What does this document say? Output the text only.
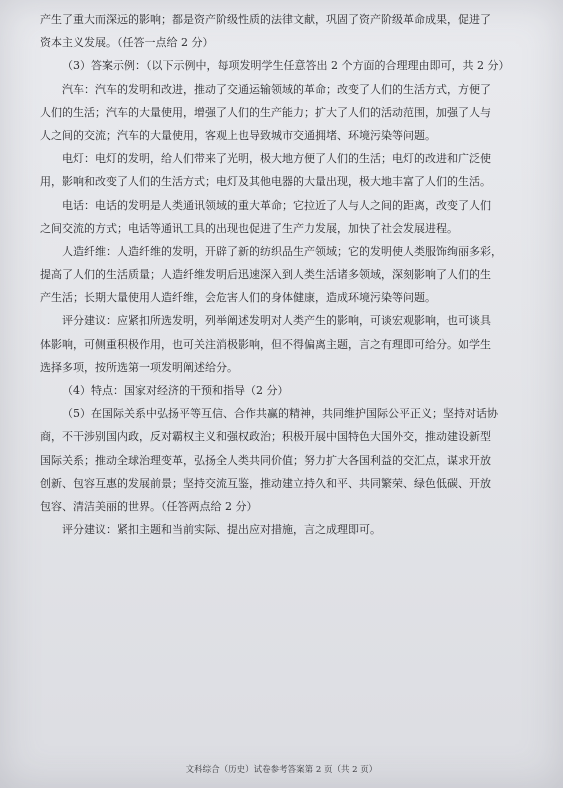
产生了重大而深远的影响；都是资产阶级性质的法律文献，巩固了资产阶级革命成果，促进了
资本主义发展。（任答一点给 2 分）
（3）答案示例：（以下示例中，每项发明学生任意答出 2 个方面的合理理由即可，共 2 分）
汽车：汽车的发明和改进，推动了交通运输领域的革命；改变了人们的生活方式，方便了
人们的生活；汽车的大量使用，增强了人们的生产能力；扩大了人们的活动范围，加强了人与
人之间的交流；汽车的大量使用，客观上也导致城市交通拥堵、环境污染等问题。
电灯：电灯的发明，给人们带来了光明，极大地方便了人们的生活；电灯的改进和广泛使
用，影响和改变了人们的生活方式；电灯及其他电器的大量出现，极大地丰富了人们的生活。
电话：电话的发明是人类通讯领域的重大革命；它拉近了人与人之间的距离，改变了人们
之间交流的方式；电话等通讯工具的出现也促进了生产力发展，加快了社会发展进程。
人造纤维：人造纤维的发明，开辟了新的纺织品生产领域；它的发明使人类服饰绚丽多彩，
提高了人们的生活质量；人造纤维发明后迅速深入到人类生活诸多领域，深刻影响了人们的生
产生活；长期大量使用人造纤维，会危害人们的身体健康，造成环境污染等问题。
评分建议：应紧扣所选发明，列举阐述发明对人类产生的影响，可谈宏观影响，也可谈具
体影响，可侧重积极作用，也可关注消极影响，但不得偏离主题，言之有理即可给分。如学生
选择多项，按所选第一项发明阐述给分。
（4）特点：国家对经济的干预和指导（2 分）
（5）在国际关系中弘扬平等互信、合作共赢的精神，共同维护国际公平正义；坚持对话协
商，不干涉别国内政，反对霸权主义和强权政治；积极开展中国特色大国外交，推动建设新型
国际关系；推动全球治理变革，弘扬全人类共同价值；努力扩大各国利益的交汇点，谋求开放
创新、包容互惠的发展前景；坚持交流互鉴，推动建立持久和平、共同繁荣、绿色低碳、开放
包容、清洁美丽的世界。（任答两点给 2 分）
评分建议：紧扣主题和当前实际、提出应对措施，言之成理即可。
文科综合（历史）试卷参考答案第 2 页（共 2 页）
